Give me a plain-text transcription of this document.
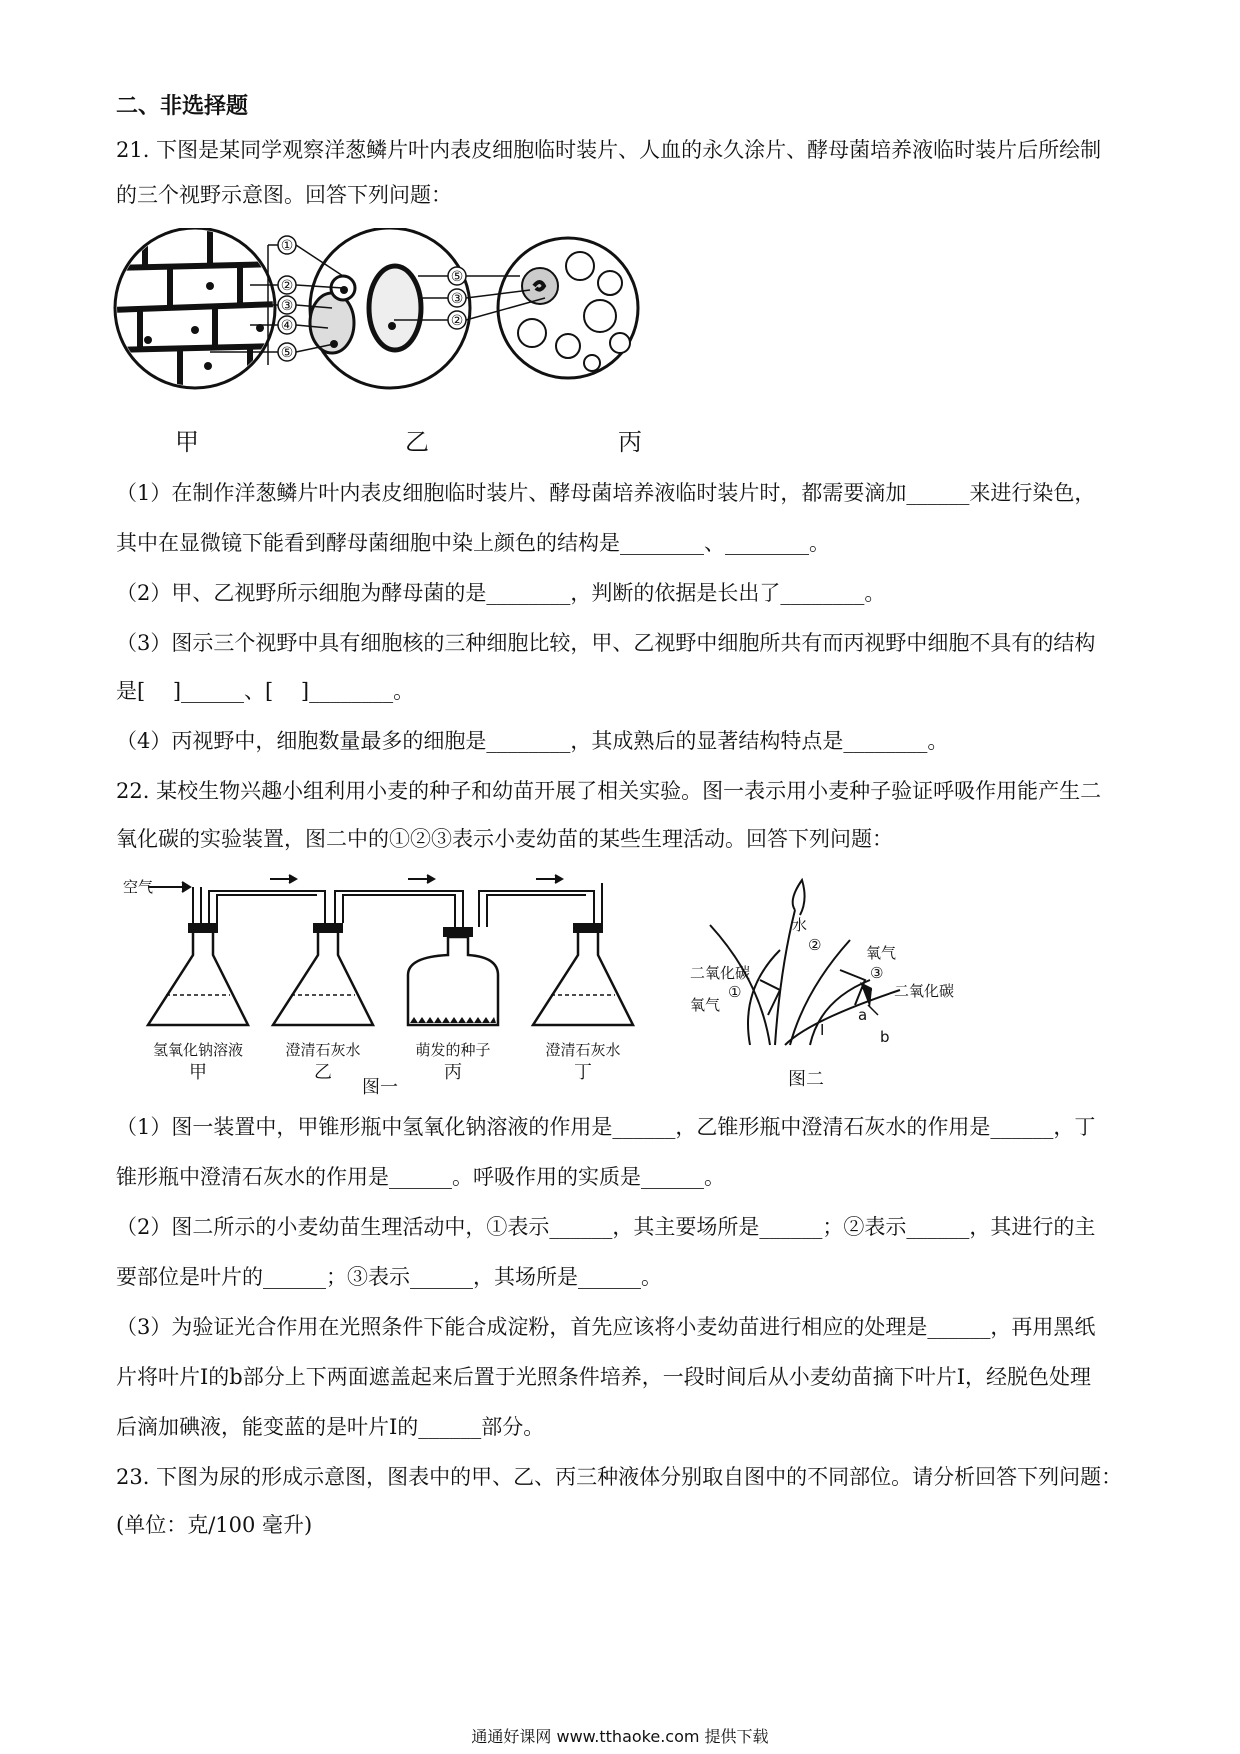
二、非选择题
21. 下图是某同学观察洋葱鳞片叶内表皮细胞临时装片、人血的永久涂片、酵母菌培养液临时装片后所绘制
的三个视野示意图。回答下列问题：
①
②
③
④
⑤
⑤
③
②
甲	乙	丙
（1）在制作洋葱鳞片叶内表皮细胞临时装片、酵母菌培养液临时装片时，都需要滴加______来进行染色，
其中在显微镜下能看到酵母菌细胞中染上颜色的结构是________、________。
（2）甲、乙视野所示细胞为酵母菌的是________，判断的依据是长出了________。
（3）图示三个视野中具有细胞核的三种细胞比较，甲、乙视野中细胞所共有而丙视野中细胞不具有的结构
是[　 ]______、[　 ]________。
（4）丙视野中，细胞数量最多的细胞是________，其成熟后的显著结构特点是________。
22. 某校生物兴趣小组利用小麦的种子和幼苗开展了相关实验。图一表示用小麦种子验证呼吸作用能产生二
氧化碳的实验装置，图二中的①②③表示小麦幼苗的某些生理活动。回答下列问题：
空气
氢氧化钠溶液	澄清石灰水	萌发的种子	澄清石灰水
甲	乙	丙	丁
图一
水
②
二氧化碳
氧气
①
氧气
③
二氧化碳
a
b
I
图二
（1）图一装置中，甲锥形瓶中氢氧化钠溶液的作用是______，乙锥形瓶中澄清石灰水的作用是______，丁
锥形瓶中澄清石灰水的作用是______。呼吸作用的实质是______。
（2）图二所示的小麦幼苗生理活动中，①表示______，其主要场所是______；②表示______，其进行的主
要部位是叶片的______；③表示______，其场所是______。
（3）为验证光合作用在光照条件下能合成淀粉，首先应该将小麦幼苗进行相应的处理是______，再用黑纸
片将叶片I的b部分上下两面遮盖起来后置于光照条件培养，一段时间后从小麦幼苗摘下叶片I，经脱色处理
后滴加碘液，能变蓝的是叶片I的______部分。
23. 下图为尿的形成示意图，图表中的甲、乙、丙三种液体分别取自图中的不同部位。请分析回答下列问题：
(单位：克/100 毫升)
通通好课网 www.tthaoke.com 提供下载
